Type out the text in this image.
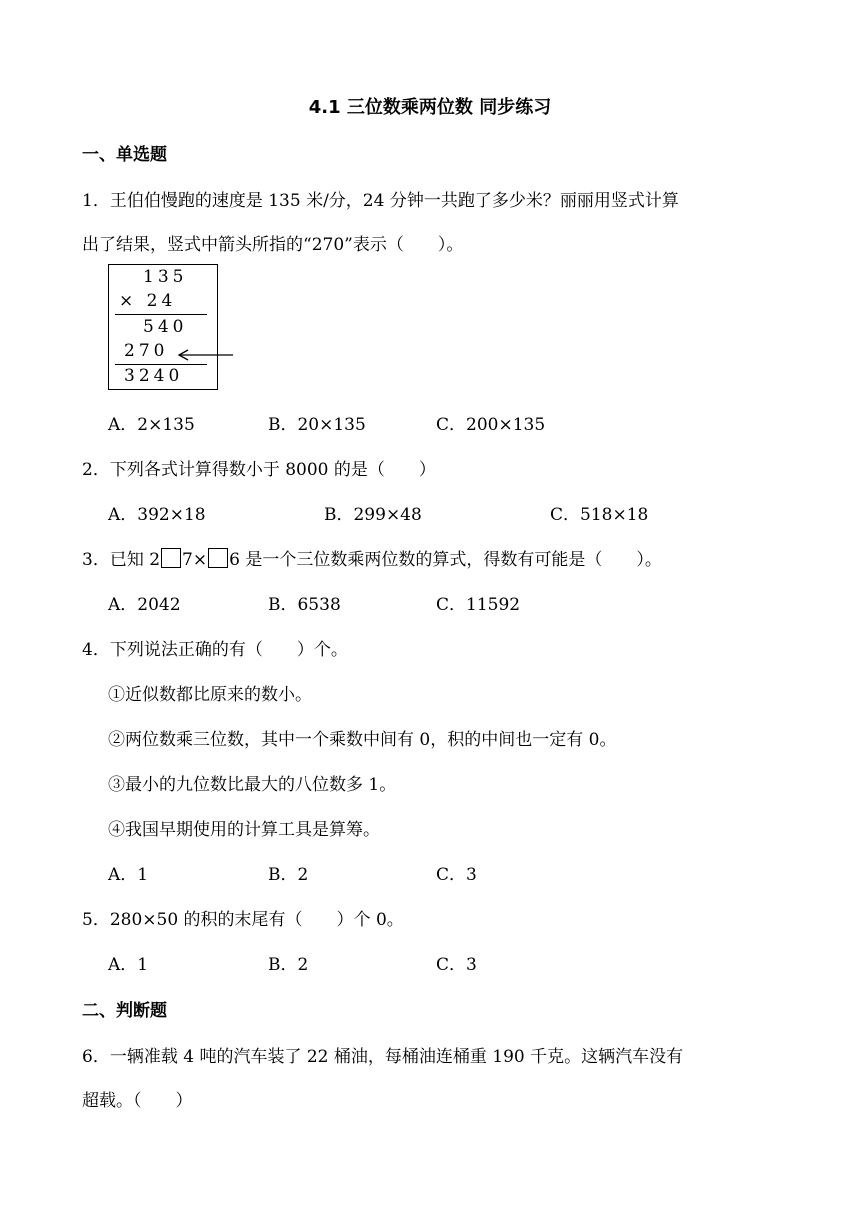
4.1 三位数乘两位数 同步练习
一、单选题
1．王伯伯慢跑的速度是 135 米/分，24 分钟一共跑了多少米？丽丽用竖式计算
出了结果，竖式中箭头所指的“270”表示（　　）。
135
× 24
540
270
3240
A．2×135	B．20×135	C．200×135
2．下列各式计算得数小于 8000 的是（　　）
A．392×18	B．299×48	C．518×18
3．已知 2 7× 6 是一个三位数乘两位数的算式，得数有可能是（　　）。
A．2042	B．6538	C．11592
4．下列说法正确的有（　　）个。
①近似数都比原来的数小。
②两位数乘三位数，其中一个乘数中间有 0，积的中间也一定有 0。
③最小的九位数比最大的八位数多 1。
④我国早期使用的计算工具是算筹。
A．1	B．2	C．3
5．280×50 的积的末尾有（　　）个 0。
A．1	B．2	C．3
二、判断题
6．一辆准载 4 吨的汽车装了 22 桶油，每桶油连桶重 190 千克。这辆汽车没有
超载。（　　）
